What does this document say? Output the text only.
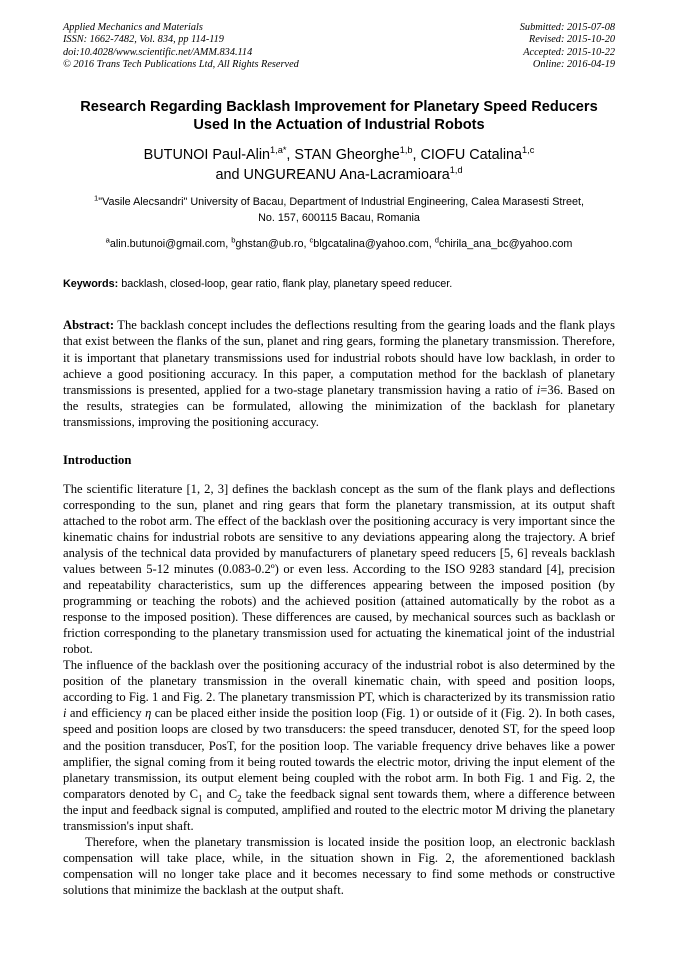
Applied Mechanics and Materials
ISSN: 1662-7482, Vol. 834, pp 114-119
doi:10.4028/www.scientific.net/AMM.834.114
© 2016 Trans Tech Publications Ltd, All Rights Reserved
Submitted: 2015-07-08
Revised: 2015-10-20
Accepted: 2015-10-22
Online: 2016-04-19
Research Regarding Backlash Improvement for Planetary Speed Reducers Used In the Actuation of Industrial Robots
BUTUNOI Paul-Alin$^{1,a*}$, STAN Gheorghe$^{1,b}$, CIOFU Catalina$^{1,c}$
and UNGUREANU Ana-Lacramioara$^{1,d}$
$^1$"Vasile Alecsandri" University of Bacau, Department of Industrial Engineering, Calea Marasesti Street, No. 157, 600115 Bacau, Romania
$^a$alin.butunoi@gmail.com, $^b$ghstan@ub.ro, $^c$blgcatalina@yahoo.com, $^d$chirila_ana_bc@yahoo.com
Keywords: backlash, closed-loop, gear ratio, flank play, planetary speed reducer.
Abstract: The backlash concept includes the deflections resulting from the gearing loads and the flank plays that exist between the flanks of the sun, planet and ring gears, forming the planetary transmission. Therefore, it is important that planetary transmissions used for industrial robots should have low backlash, in order to achieve a good positioning accuracy. In this paper, a computation method for the backlash of planetary transmissions is presented, applied for a two-stage planetary transmission having a ratio of i=36. Based on the results, strategies can be formulated, allowing the minimization of the backlash for planetary transmissions, improving the positioning accuracy.
Introduction

The scientific literature [1, 2, 3] defines the backlash concept as the sum of the flank plays and deflections corresponding to the sun, planet and ring gears that form the planetary transmission, at its output shaft attached to the robot arm. The effect of the backlash over the positioning accuracy is very important since the kinematic chains for industrial robots are sensitive to any deviations appearing along the trajectory. A brief analysis of the technical data provided by manufacturers of planetary speed reducers [5, 6] reveals backlash values between 5-12 minutes (0.083-0.2º) or even less. According to the ISO 9283 standard [4], precision and repeatability characteristics, sum up the differences appearing between the imposed position (by programming or teaching the robots) and the achieved position (attained automatically by the robot as a response to the imposed position). These differences are caused, by mechanical sources such as backlash or friction corresponding to the planetary transmission used for actuating the kinematical joint of the industrial robot.

The influence of the backlash over the positioning accuracy of the industrial robot is also determined by the position of the planetary transmission in the overall kinematic chain, with speed and position loops, according to Fig. 1 and Fig. 2. The planetary transmission PT, which is characterized by its transmission ratio i and efficiency η can be placed either inside the position loop (Fig. 1) or outside of it (Fig. 2). In both cases, speed and position loops are closed by two transducers: the speed transducer, denoted ST, for the speed loop and the position transducer, PosT, for the position loop. The variable frequency drive behaves like a power amplifier, the signal coming from it being routed towards the electric motor, driving the input element of the planetary transmission, its output element being coupled with the robot arm. In both Fig. 1 and Fig. 2, the comparators denoted by $C_1$ and $C_2$ take the feedback signal sent towards them, where a difference between the input and feedback signal is computed, amplified and routed to the electric motor M driving the planetary transmission's input shaft.

Therefore, when the planetary transmission is located inside the position loop, an electronic backlash compensation will take place, while, in the situation shown in Fig. 2, the aforementioned backlash compensation will no longer take place and it becomes necessary to find some methods or constructive solutions that minimize the backlash at the output shaft.
